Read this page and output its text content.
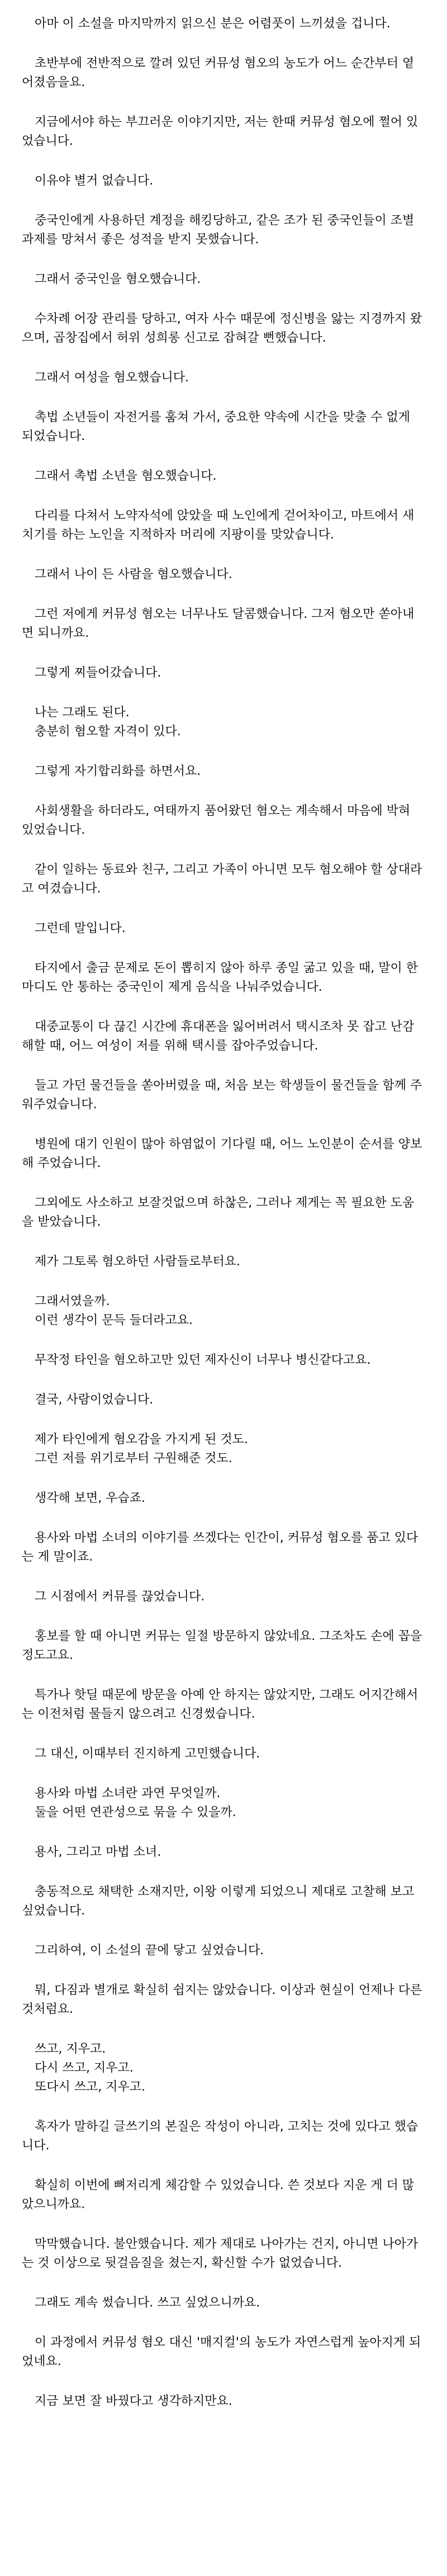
아마 이 소설을 마지막까지 읽으신 분은 어렴풋이 느끼셨을 겁니다.

초반부에 전반적으로 깔려 있던 커뮤성 혐오의 농도가 어느 순간부터 옅어졌음을요.

지금에서야 하는 부끄러운 이야기지만, 저는 한때 커뮤성 혐오에 쩔어 있었습니다.

이유야 별거 없습니다.

중국인에게 사용하던 계정을 해킹당하고, 같은 조가 된 중국인들이 조별 과제를 망쳐서 좋은 성적을 받지 못했습니다.

그래서 중국인을 혐오했습니다.

수차례 어장 관리를 당하고, 여자 사수 때문에 정신병을 앓는 지경까지 왔으며, 곱창집에서 허위 성희롱 신고로 잡혀갈 뻔했습니다.

그래서 여성을 혐오했습니다.

촉법 소년들이 자전거를 훔쳐 가서, 중요한 약속에 시간을 맞출 수 없게 되었습니다.

그래서 촉법 소년을 혐오했습니다.

다리를 다쳐서 노약자석에 앉았을 때 노인에게 걷어차이고, 마트에서 새치기를 하는 노인을 지적하자 머리에 지팡이를 맞았습니다.

그래서 나이 든 사람을 혐오했습니다.

그런 저에게 커뮤성 혐오는 너무나도 달콤했습니다. 그저 혐오만 쏟아내면 되니까요.

그렇게 찌들어갔습니다.

나는 그래도 된다.

충분히 혐오할 자격이 있다.

그렇게 자기합리화를 하면서요.

사회생활을 하더라도, 여태까지 품어왔던 혐오는 계속해서 마음에 박혀 있었습니다.

같이 일하는 동료와 친구, 그리고 가족이 아니면 모두 혐오해야 할 상대라고 여겼습니다.

그런데 말입니다.

타지에서 출금 문제로 돈이 뽑히지 않아 하루 종일 굶고 있을 때, 말이 한마디도 안 통하는 중국인이 제게 음식을 나눠주었습니다.

대중교통이 다 끊긴 시간에 휴대폰을 잃어버려서 택시조차 못 잡고 난감해할 때, 어느 여성이 저를 위해 택시를 잡아주었습니다.

들고 가던 물건들을 쏟아버렸을 때, 처음 보는 학생들이 물건들을 함께 주워주었습니다.

병원에 대기 인원이 많아 하염없이 기다릴 때, 어느 노인분이 순서를 양보해 주었습니다.

그외에도 사소하고 보잘것없으며 하찮은, 그러나 제게는 꼭 필요한 도움을 받았습니다.

제가 그토록 혐오하던 사람들로부터요.

그래서였을까.

이런 생각이 문득 들더라고요.

무작정 타인을 혐오하고만 있던 제자신이 너무나 병신같다고요.

결국, 사람이었습니다.

제가 타인에게 혐오감을 가지게 된 것도.

그런 저를 위기로부터 구원해준 것도.

생각해 보면, 우습죠.

용사와 마법 소녀의 이야기를 쓰겠다는 인간이, 커뮤성 혐오를 품고 있다는 게 말이죠.

그 시점에서 커뮤를 끊었습니다.

홍보를 할 때 아니면 커뮤는 일절 방문하지 않았네요. 그조차도 손에 꼽을 정도고요.

특가나 핫딜 때문에 방문을 아예 안 하지는 않았지만, 그래도 어지간해서는 이전처럼 물들지 않으려고 신경썼습니다.

그 대신, 이때부터 진지하게 고민했습니다.

용사와 마법 소녀란 과연 무엇일까.

둘을 어떤 연관성으로 묶을 수 있을까.

용사, 그리고 마법 소녀.

충동적으로 채택한 소재지만, 이왕 이렇게 되었으니 제대로 고찰해 보고 싶었습니다.

그리하여, 이 소설의 끝에 닿고 싶었습니다.

뭐, 다짐과 별개로 확실히 쉽지는 않았습니다. 이상과 현실이 언제나 다른 것처럼요.

쓰고, 지우고.

다시 쓰고, 지우고.

또다시 쓰고, 지우고.

혹자가 말하길 글쓰기의 본질은 작성이 아니라, 고치는 것에 있다고 했습니다.

확실히 이번에 뼈저리게 체감할 수 있었습니다. 쓴 것보다 지운 게 더 많았으니까요.

막막했습니다. 불안했습니다. 제가 제대로 나아가는 건지, 아니면 나아가는 것 이상으로 뒷걸음질을 쳤는지, 확신할 수가 없었습니다.

그래도 계속 썼습니다. 쓰고 싶었으니까요.

이 과정에서 커뮤성 혐오 대신 '매지컬'의 농도가 자연스럽게 높아지게 되었네요.

지금 보면 잘 바꿨다고 생각하지만요.
